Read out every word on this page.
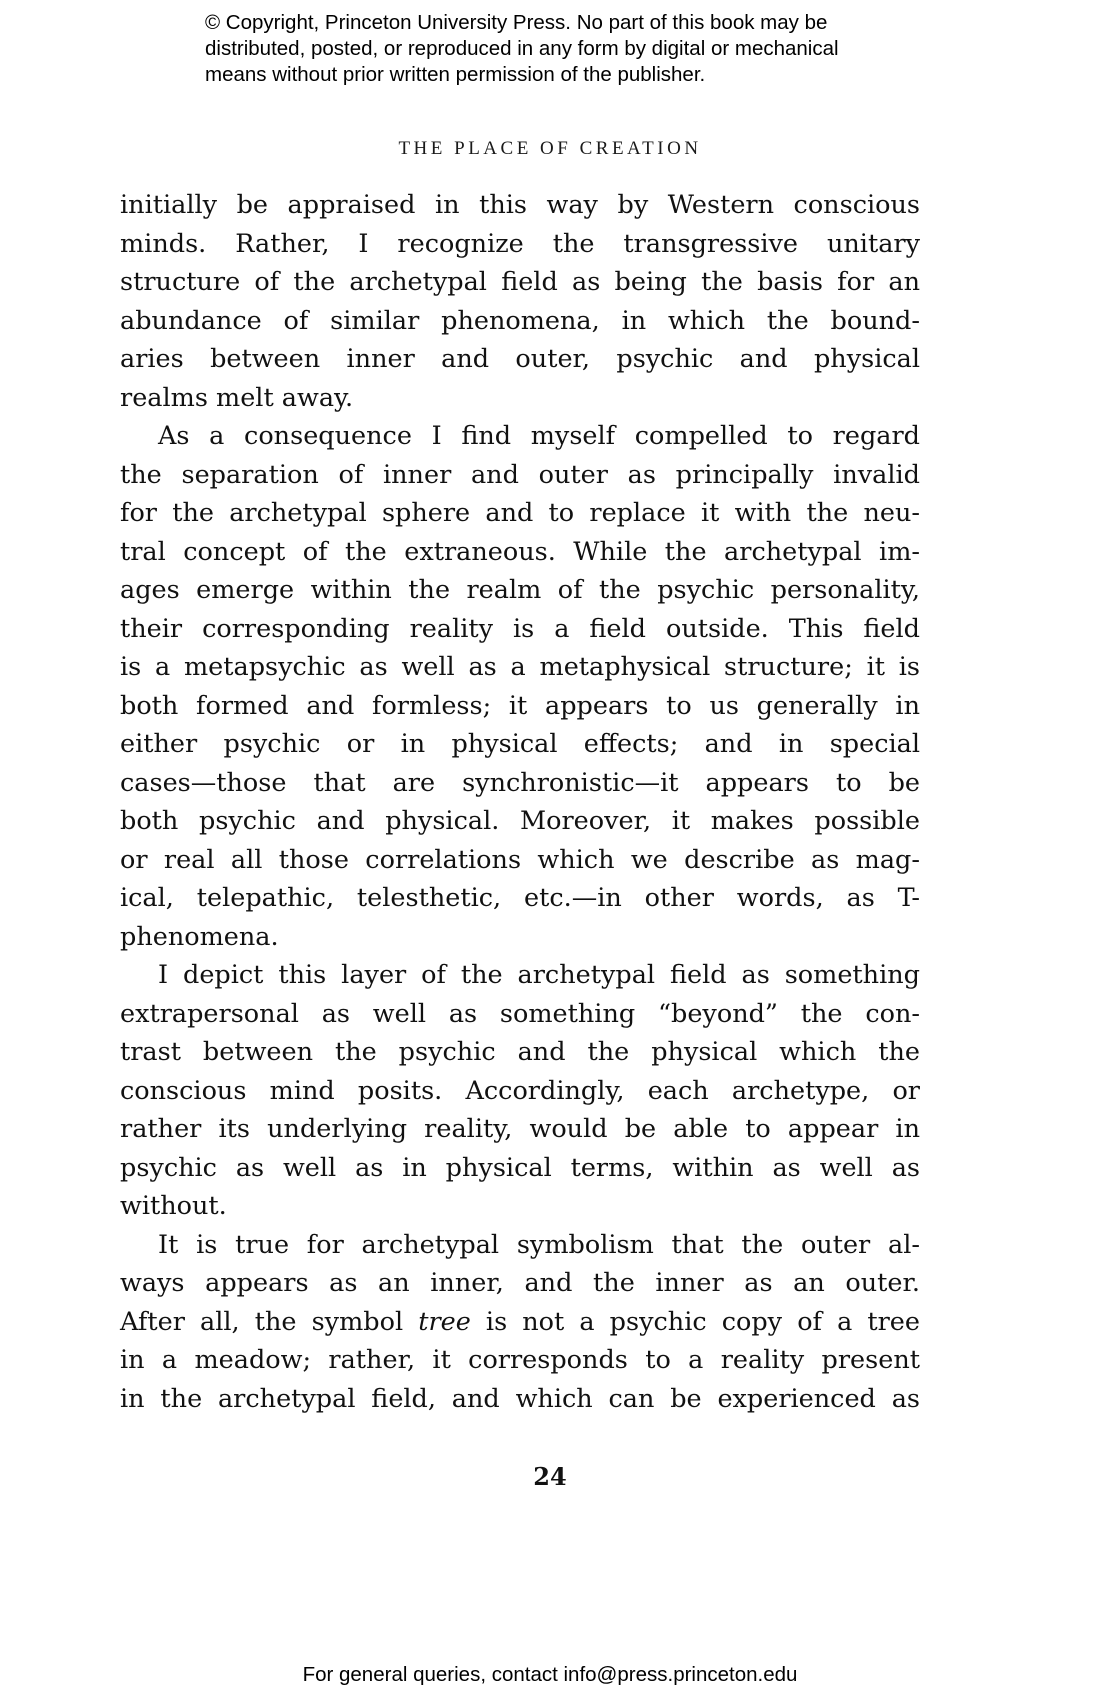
© Copyright, Princeton University Press. No part of this book may be
distributed, posted, or reproduced in any form by digital or mechanical
means without prior written permission of the publisher.
THE PLACE OF CREATION
initially be appraised in this way by Western conscious
minds. Rather, I recognize the transgressive unitary
structure of the archetypal field as being the basis for an
abundance of similar phenomena, in which the bound-
aries between inner and outer, psychic and physical
realms melt away.
As a consequence I find myself compelled to regard
the separation of inner and outer as principally invalid
for the archetypal sphere and to replace it with the neu-
tral concept of the extraneous. While the archetypal im-
ages emerge within the realm of the psychic personality,
their corresponding reality is a field outside. This field
is a metapsychic as well as a metaphysical structure; it is
both formed and formless; it appears to us generally in
either psychic or in physical effects; and in special
cases—those that are synchronistic—it appears to be
both psychic and physical. Moreover, it makes possible
or real all those correlations which we describe as mag-
ical, telepathic, telesthetic, etc.—in other words, as T-
phenomena.
I depict this layer of the archetypal field as something
extrapersonal as well as something “beyond” the con-
trast between the psychic and the physical which the
conscious mind posits. Accordingly, each archetype, or
rather its underlying reality, would be able to appear in
psychic as well as in physical terms, within as well as
without.
It is true for archetypal symbolism that the outer al-
ways appears as an inner, and the inner as an outer.
After all, the symbol tree is not a psychic copy of a tree
in a meadow; rather, it corresponds to a reality present
in the archetypal field, and which can be experienced as
24
For general queries, contact info@press.princeton.edu
